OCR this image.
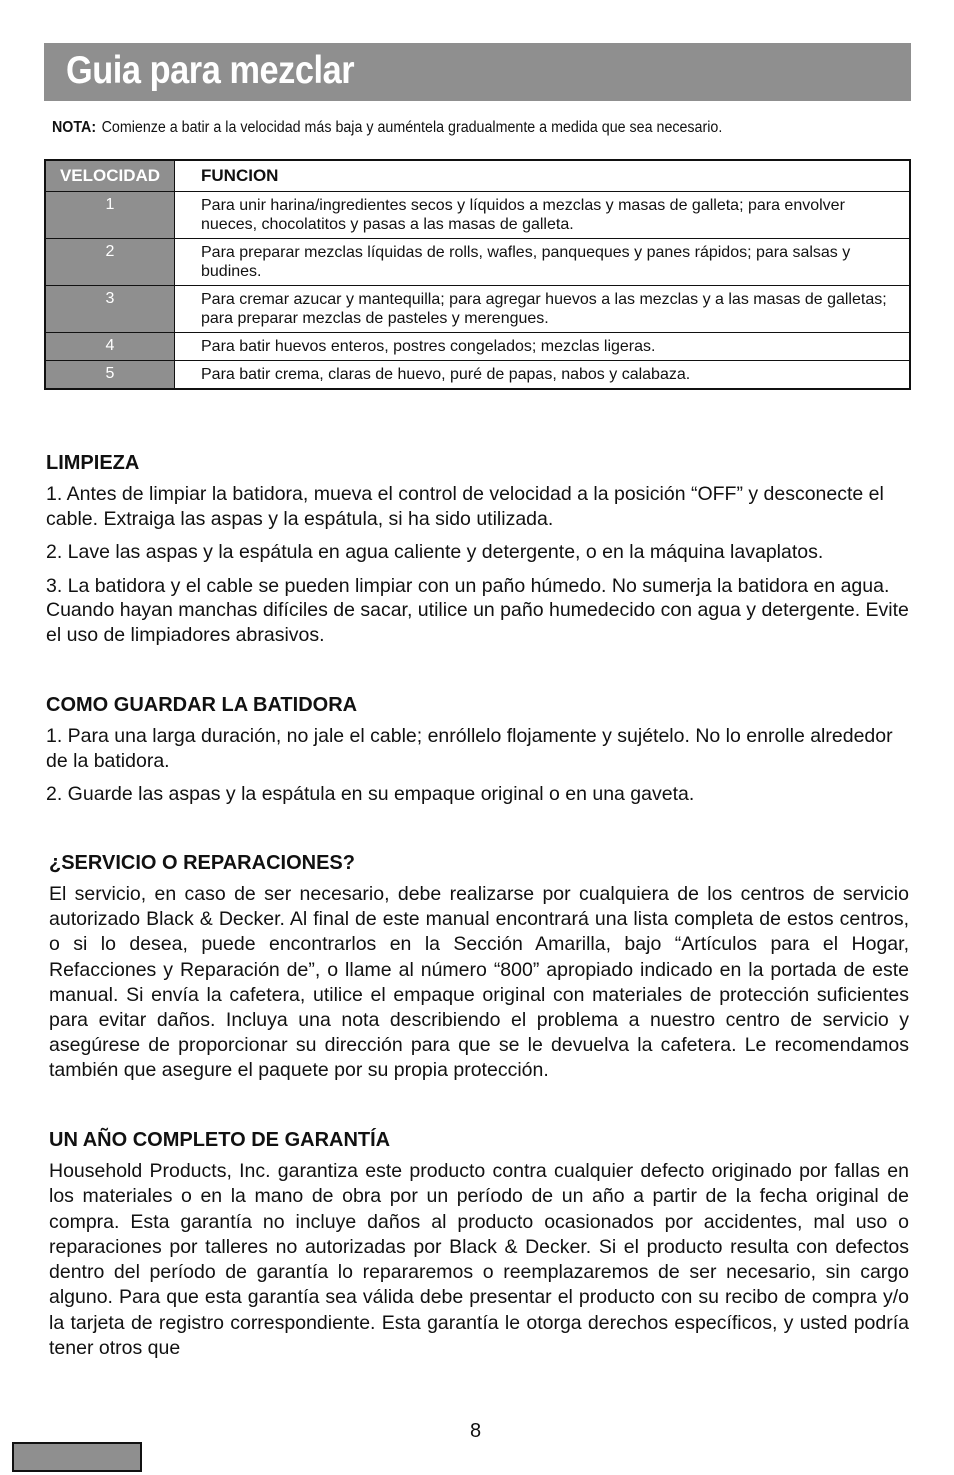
Guia para mezclar
NOTA: Comienze a batir a la velocidad más baja y auméntela gradualmente a medida que sea necesario.
VELOCIDAD	FUNCION
1	Para unir harina/ingredientes secos y líquidos a mezclas y masas de galleta; para envolver nueces, chocolatitos y pasas a las masas de galleta.
2	Para preparar mezclas líquidas de rolls, wafles, panqueques y panes rápidos; para salsas y budines.
3	Para cremar azucar y mantequilla; para agregar huevos a las mezclas y a las masas de galletas; para preparar mezclas de pasteles y merengues.
4	Para batir huevos enteros, postres congelados; mezclas ligeras.
5	Para batir crema, claras de huevo, puré de papas, nabos y calabaza.
LIMPIEZA

1. Antes de limpiar la batidora, mueva el control de velocidad a la posición “OFF” y desconecte el cable. Extraiga las aspas y la espátula, si ha sido utilizada.

2. Lave las aspas y la espátula en agua caliente y detergente, o en la máquina lavaplatos.

3. La batidora y el cable se pueden limpiar con un paño húmedo. No sumerja la batidora en agua. Cuando hayan manchas difíciles de sacar, utilice un paño humedecido con agua y detergente. Evite el uso de limpiadores abrasivos.

COMO GUARDAR LA BATIDORA

1. Para una larga duración, no jale el cable; enróllelo flojamente y sujételo. No lo enrolle alrededor de la batidora.

2. Guarde las aspas y la espátula en su empaque original o en una gaveta.

¿SERVICIO O REPARACIONES?

El servicio, en caso de ser necesario, debe realizarse por cualquiera de los centros de servicio autorizado Black & Decker. Al final de este manual encontrará una lista completa de estos centros, o si lo desea, puede encontrarlos en la Sección Amarilla, bajo “Artículos para el Hogar, Refacciones y Reparación de”, o llame al número “800” apropiado indicado en la portada de este manual. Si envía la cafetera, utilice el empaque original con materiales de protección suficientes para evitar daños. Incluya una nota describiendo el problema a nuestro centro de servicio y asegúrese de proporcionar su dirección para que se le devuelva la cafetera. Le recomendamos también que asegure el paquete por su propia protección.

UN AÑO COMPLETO DE GARANTÍA

Household Products, Inc. garantiza este producto contra cualquier defecto originado por fallas en los materiales o en la mano de obra por un período de un año a partir de la fecha original de compra. Esta garantía no incluye daños al producto ocasionados por accidentes, mal uso o reparaciones por talleres no autorizadas por Black & Decker. Si el producto resulta con defectos dentro del período de garantía lo repararemos o reemplazaremos de ser necesario, sin cargo alguno. Para que esta garantía sea válida debe presentar el producto con su recibo de compra y/o la tarjeta de registro correspondiente. Esta garantía le otorga derechos específicos, y usted podría tener otros que

8
